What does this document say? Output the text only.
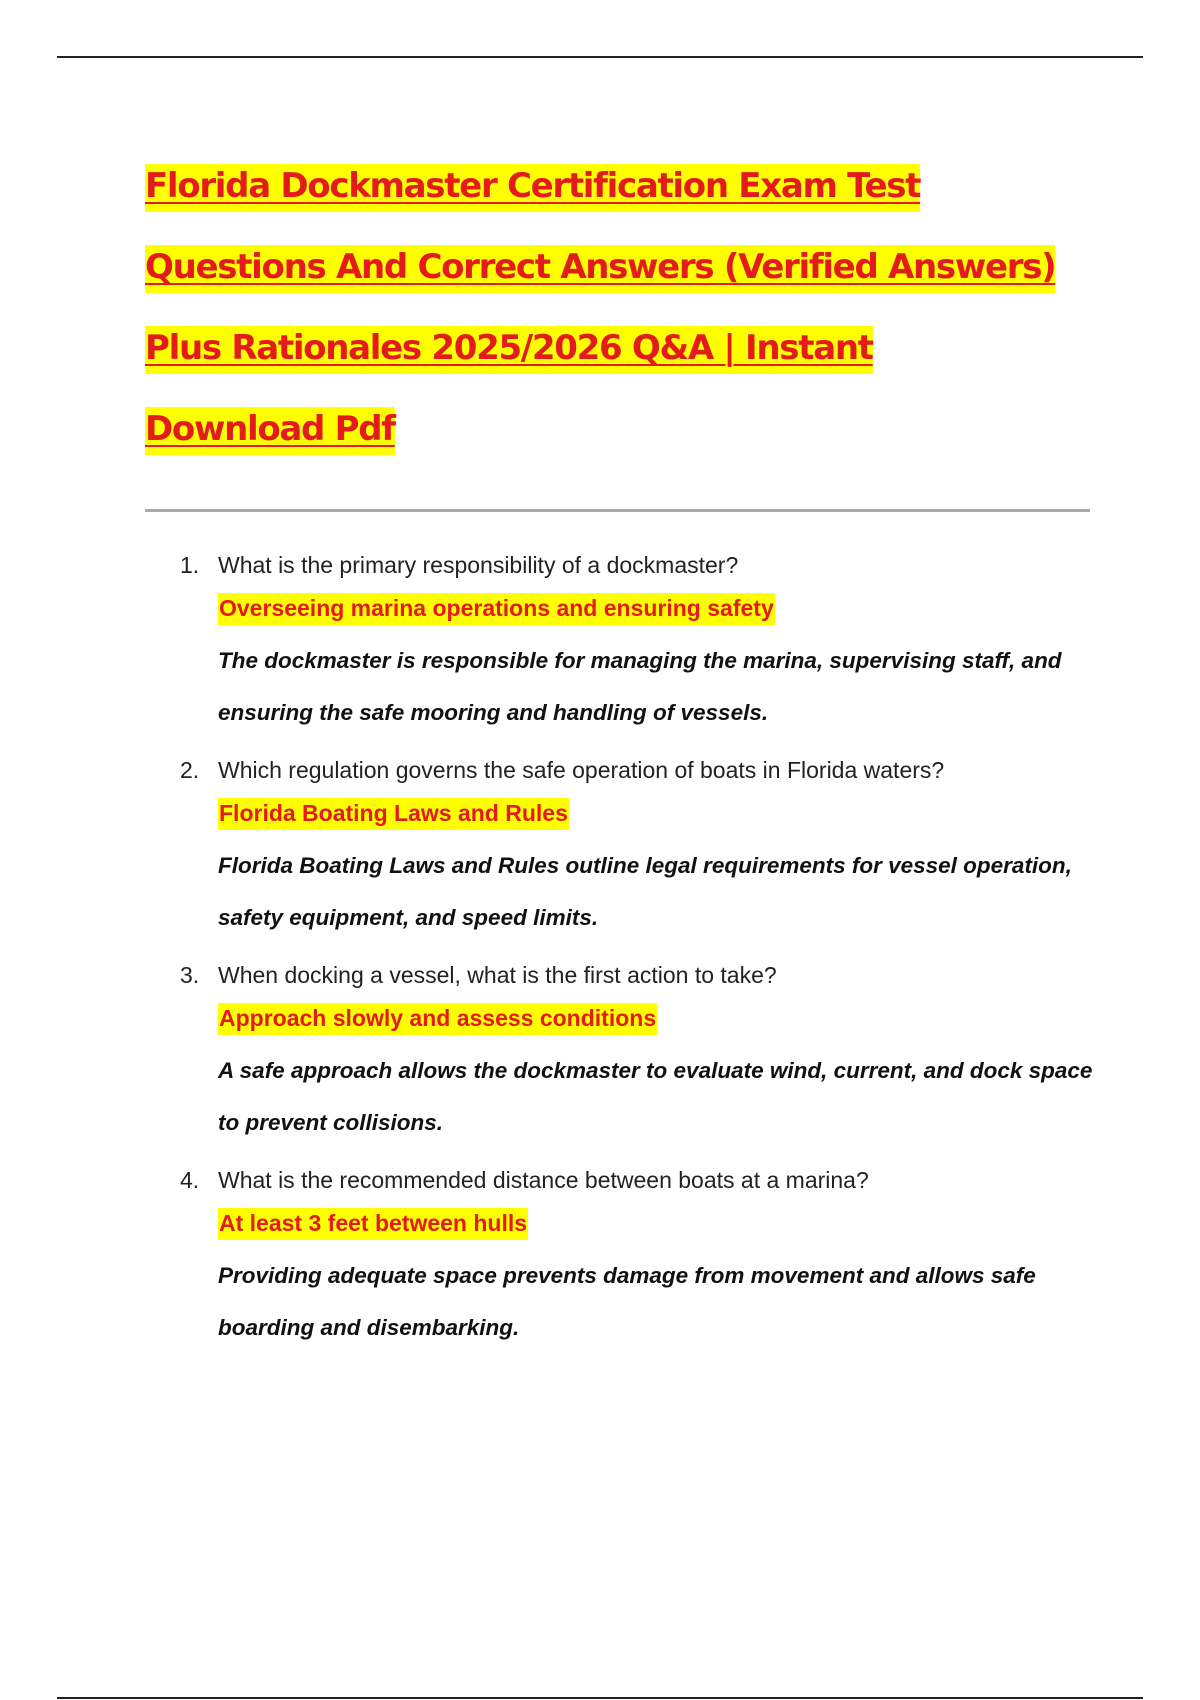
Florida Dockmaster Certification Exam Test
Questions And Correct Answers (Verified Answers)
Plus Rationales 2025/2026 Q&A | Instant
Download Pdf
1. What is the primary responsibility of a dockmaster?
Overseeing marina operations and ensuring safety
The dockmaster is responsible for managing the marina, supervising staff, and ensuring the safe mooring and handling of vessels.
2. Which regulation governs the safe operation of boats in Florida waters?
Florida Boating Laws and Rules
Florida Boating Laws and Rules outline legal requirements for vessel operation, safety equipment, and speed limits.
3. When docking a vessel, what is the first action to take?
Approach slowly and assess conditions
A safe approach allows the dockmaster to evaluate wind, current, and dock space to prevent collisions.
4. What is the recommended distance between boats at a marina?
At least 3 feet between hulls
Providing adequate space prevents damage from movement and allows safe boarding and disembarking.
